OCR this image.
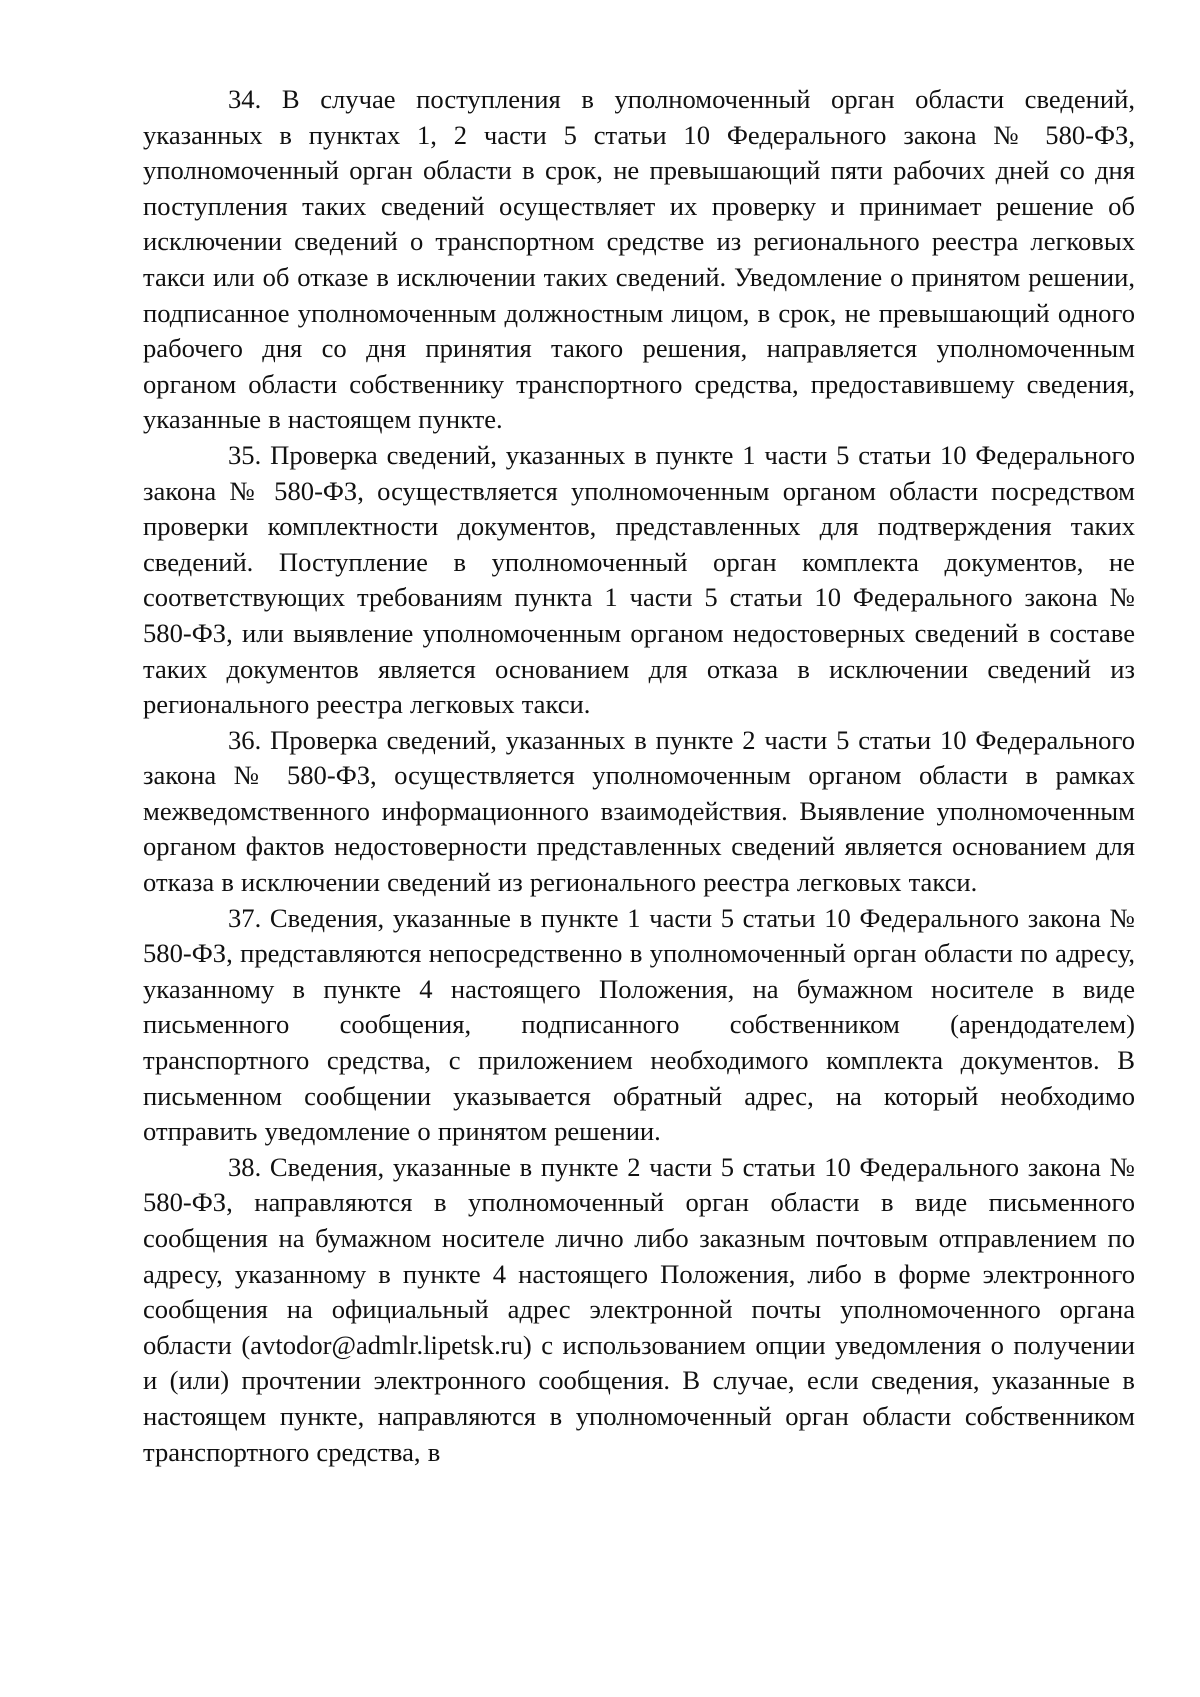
34. В случае поступления в уполномоченный орган области сведений, указанных в пунктах 1, 2 части 5 статьи 10 Федерального закона № 580-ФЗ, уполномоченный орган области в срок, не превышающий пяти рабочих дней со дня поступления таких сведений осуществляет их проверку и принимает решение об исключении сведений о транспортном средстве из регионального реестра легковых такси или об отказе в исключении таких сведений. Уведомление о принятом решении, подписанное уполномоченным должностным лицом, в срок, не превышающий одного рабочего дня со дня принятия такого решения, направляется уполномоченным органом области собственнику транспортного средства, предоставившему сведения, указанные в настоящем пункте.

35. Проверка сведений, указанных в пункте 1 части 5 статьи 10 Федерального закона № 580-ФЗ, осуществляется уполномоченным органом области посредством проверки комплектности документов, представленных для подтверждения таких сведений. Поступление в уполномоченный орган комплекта документов, не соответствующих требованиям пункта 1 части 5 статьи 10 Федерального закона № 580-ФЗ, или выявление уполномоченным органом недостоверных сведений в составе таких документов является основанием для отказа в исключении сведений из регионального реестра легковых такси.

36. Проверка сведений, указанных в пункте 2 части 5 статьи 10 Федерального закона № 580-ФЗ, осуществляется уполномоченным органом области в рамках межведомственного информационного взаимодействия. Выявление уполномоченным органом фактов недостоверности представленных сведений является основанием для отказа в исключении сведений из регионального реестра легковых такси.

37. Сведения, указанные в пункте 1 части 5 статьи 10 Федерального закона № 580-ФЗ, представляются непосредственно в уполномоченный орган области по адресу, указанному в пункте 4 настоящего Положения, на бумажном носителе в виде письменного сообщения, подписанного собственником (арендодателем) транспортного средства, с приложением необходимого комплекта документов. В письменном сообщении указывается обратный адрес, на который необходимо отправить уведомление о принятом решении.

38. Сведения, указанные в пункте 2 части 5 статьи 10 Федерального закона № 580-ФЗ, направляются в уполномоченный орган области в виде письменного сообщения на бумажном носителе лично либо заказным почтовым отправлением по адресу, указанному в пункте 4 настоящего Положения, либо в форме электронного сообщения на официальный адрес электронной почты уполномоченного органа области (avtodor@admlr.lipetsk.ru) с использованием опции уведомления о получении и (или) прочтении электронного сообщения. В случае, если сведения, указанные в настоящем пункте, направляются в уполномоченный орган области собственником транспортного средства, в
